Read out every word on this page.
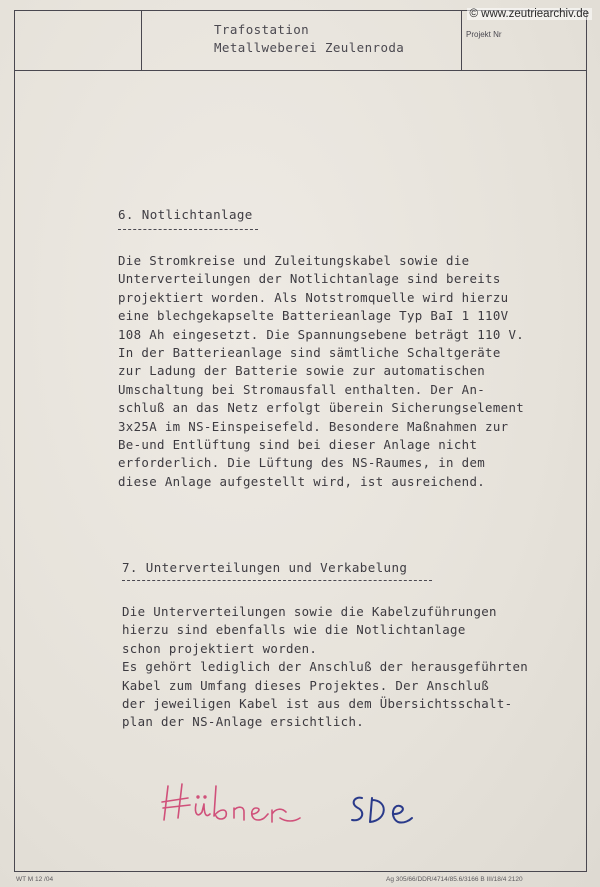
Trafostation
Metallweberei Zeulenroda
Projekt Nr
© www.zeutriearchiv.de
6. Notlichtanlage
Die Stromkreise und Zuleitungskabel sowie die
Unterverteilungen der Notlichtanlage sind bereits
projektiert worden. Als Notstromquelle wird hierzu
eine blechgekapselte Batterieanlage Typ BaI 1 110V
108 Ah eingesetzt. Die Spannungsebene beträgt 110 V.
In der Batterieanlage sind sämtliche Schaltgeräte
zur Ladung der Batterie sowie zur automatischen
Umschaltung bei Stromausfall enthalten. Der An-
schluß an das Netz erfolgt überein Sicherungselement
3x25A im NS-Einspeisefeld. Besondere Maßnahmen zur
Be-und Entlüftung sind bei dieser Anlage nicht
erforderlich. Die Lüftung des NS-Raumes, in dem
diese Anlage aufgestellt wird, ist ausreichend.
7. Unterverteilungen und Verkabelung
Die Unterverteilungen sowie die Kabelzuführungen
hierzu sind ebenfalls wie die Notlichtanlage
schon projektiert worden.
Es gehört lediglich der Anschluß der herausgeführten
Kabel zum Umfang dieses Projektes. Der Anschluß
der jeweiligen Kabel ist aus dem Übersichtsschalt-
plan der NS-Anlage ersichtlich.
WT M 12 /04	Ag 305/66/DDR/4714/85.6/3166 B III/18/4 2120
